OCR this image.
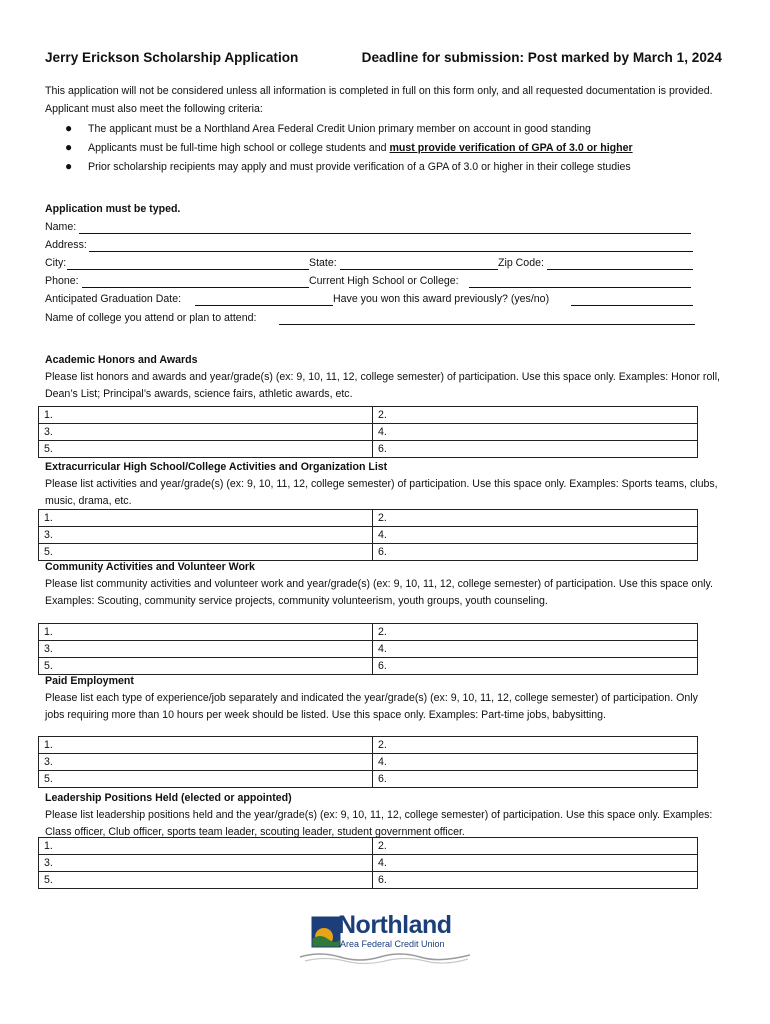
Jerry Erickson Scholarship Application	Deadline for submission: Post marked by March 1, 2024
This application will not be considered unless all information is completed in full on this form only, and all requested documentation is provided. Applicant must also meet the following criteria:
● The applicant must be a Northland Area Federal Credit Union primary member on account in good standing
● Applicants must be full-time high school or college students and must provide verification of GPA of 3.0 or higher
● Prior scholarship recipients may apply and must provide verification of a GPA of 3.0 or higher in their college studies
Application must be typed.
Name:
Address:
City:	State:	Zip Code:
Phone:	Current High School or College:
Anticipated Graduation Date:	Have you won this award previously? (yes/no)
Name of college you attend or plan to attend:
Academic Honors and Awards
Please list honors and awards and year/grade(s) (ex: 9, 10, 11, 12, college semester) of participation. Use this space only. Examples: Honor roll, Dean’s List; Principal’s awards, science fairs, athletic awards, etc.
1.	2.
3.	4.
5.	6.
Extracurricular High School/College Activities and Organization List
Please list activities and year/grade(s) (ex: 9, 10, 11, 12, college semester) of participation. Use this space only. Examples: Sports teams, clubs, music, drama, etc.
1.	2.
3.	4.
5.	6.
Community Activities and Volunteer Work
Please list community activities and volunteer work and year/grade(s) (ex: 9, 10, 11, 12, college semester) of participation. Use this space only. Examples: Scouting, community service projects, community volunteerism, youth groups, youth counseling.
1.	2.
3.	4.
5.	6.
Paid Employment
Please list each type of experience/job separately and indicated the year/grade(s) (ex: 9, 10, 11, 12, college semester) of participation. Only jobs requiring more than 10 hours per week should be listed. Use this space only. Examples: Part-time jobs, babysitting.
1.	2.
3.	4.
5.	6.
Leadership Positions Held (elected or appointed)
Please list leadership positions held and the year/grade(s) (ex: 9, 10, 11, 12, college semester) of participation. Use this space only. Examples: Class officer, Club officer, sports team leader, scouting leader, student government officer.
1.	2.
3.	4.
5.	6.
Northland
Area Federal Credit Union
